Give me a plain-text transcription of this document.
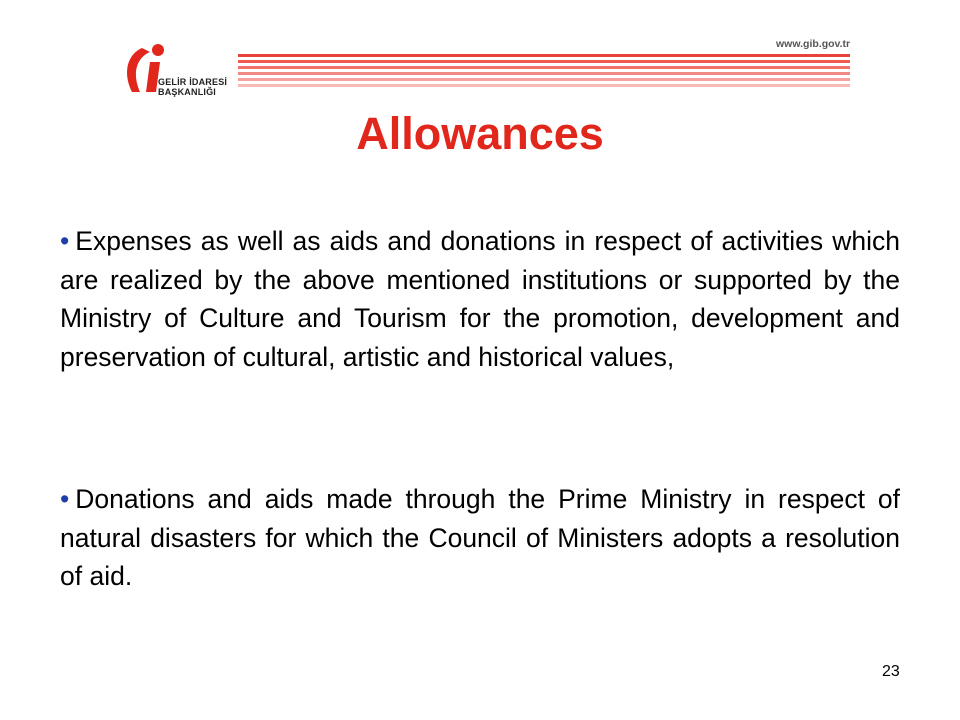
GELİR İDARESİ
BAŞKANLIĞI
www.gib.gov.tr
Allowances
• Expenses as well as aids and donations in respect of activities which are realized by the above mentioned institutions or supported by the Ministry of Culture and Tourism for the promotion, development and preservation of cultural, artistic and historical values,
• Donations and aids made through the Prime Ministry in respect of natural disasters for which the Council of Ministers adopts a resolution of aid.
23
